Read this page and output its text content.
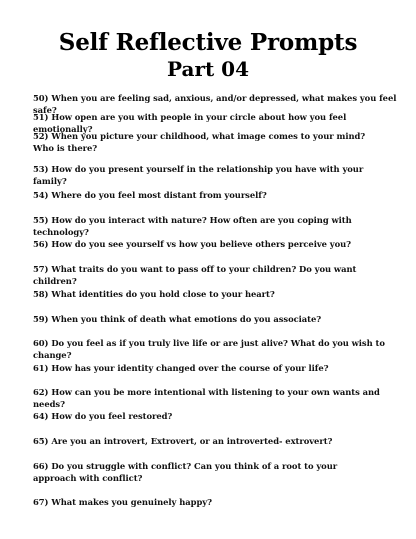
Self Reflective Prompts
Part 04
50) When you are feeling sad, anxious, and/or depressed, what makes you feel safe?
51) How open are you with people in your circle about how you feel emotionally?
52) When you picture your childhood, what image comes to your mind? Who is there?
53) How do you present yourself in the relationship you have with your family?
54) Where do you feel most distant from yourself?
55) How do you interact with nature? How often are you coping with technology?
56) How do you see yourself vs how you believe others perceive you?
57) What traits do you want to pass off to your children? Do you want children?
58) What identities do you hold close to your heart?
59) When you think of death what emotions do you associate?
60) Do you feel as if you truly live life or are just alive? What do you wish to change?
61) How has your identity changed over the course of your life?
62) How can you be more intentional with listening to your own wants and needs?
64) How do you feel restored?
65) Are you an introvert, Extrovert, or an introverted- extrovert?
66) Do you struggle with conflict? Can you think of a root to your approach with conflict?
67) What makes you genuinely happy?
